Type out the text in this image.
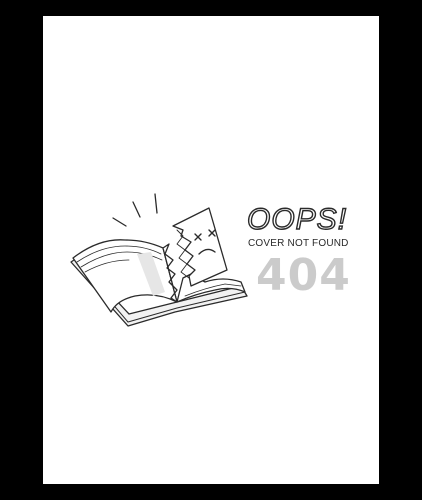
OOPS!
COVER NOT FOUND
404
